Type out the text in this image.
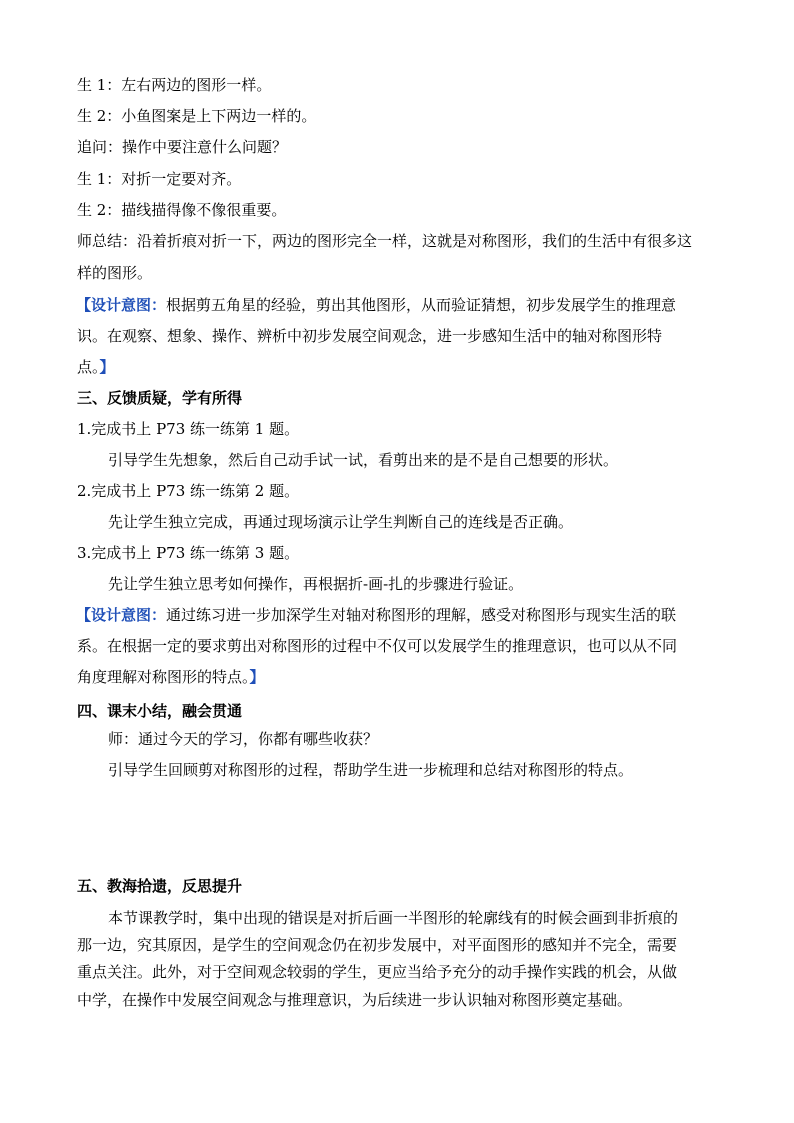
生 1：左右两边的图形一样。
生 2：小鱼图案是上下两边一样的。
追问：操作中要注意什么问题？
生 1：对折一定要对齐。
生 2：描线描得像不像很重要。
师总结：沿着折痕对折一下，两边的图形完全一样，这就是对称图形，我们的生活中有很多这
样的图形。
【设计意图：根据剪五角星的经验，剪出其他图形，从而验证猜想，初步发展学生的推理意
识。在观察、想象、操作、辨析中初步发展空间观念，进一步感知生活中的轴对称图形特
点。】
三、反馈质疑，学有所得
1.完成书上 P73 练一练第 1 题。
引导学生先想象，然后自己动手试一试，看剪出来的是不是自己想要的形状。
2.完成书上 P73 练一练第 2 题。
先让学生独立完成，再通过现场演示让学生判断自己的连线是否正确。
3.完成书上 P73 练一练第 3 题。
先让学生独立思考如何操作，再根据折-画-扎的步骤进行验证。
【设计意图：通过练习进一步加深学生对轴对称图形的理解，感受对称图形与现实生活的联
系。在根据一定的要求剪出对称图形的过程中不仅可以发展学生的推理意识，也可以从不同
角度理解对称图形的特点。】
四、课末小结，融会贯通
师：通过今天的学习，你都有哪些收获？
引导学生回顾剪对称图形的过程，帮助学生进一步梳理和总结对称图形的特点。
五、教海拾遗，反思提升
本节课教学时，集中出现的错误是对折后画一半图形的轮廓线有的时候会画到非折痕的
那一边，究其原因，是学生的空间观念仍在初步发展中，对平面图形的感知并不完全，需要
重点关注。此外，对于空间观念较弱的学生，更应当给予充分的动手操作实践的机会，从做
中学，在操作中发展空间观念与推理意识，为后续进一步认识轴对称图形奠定基础。
